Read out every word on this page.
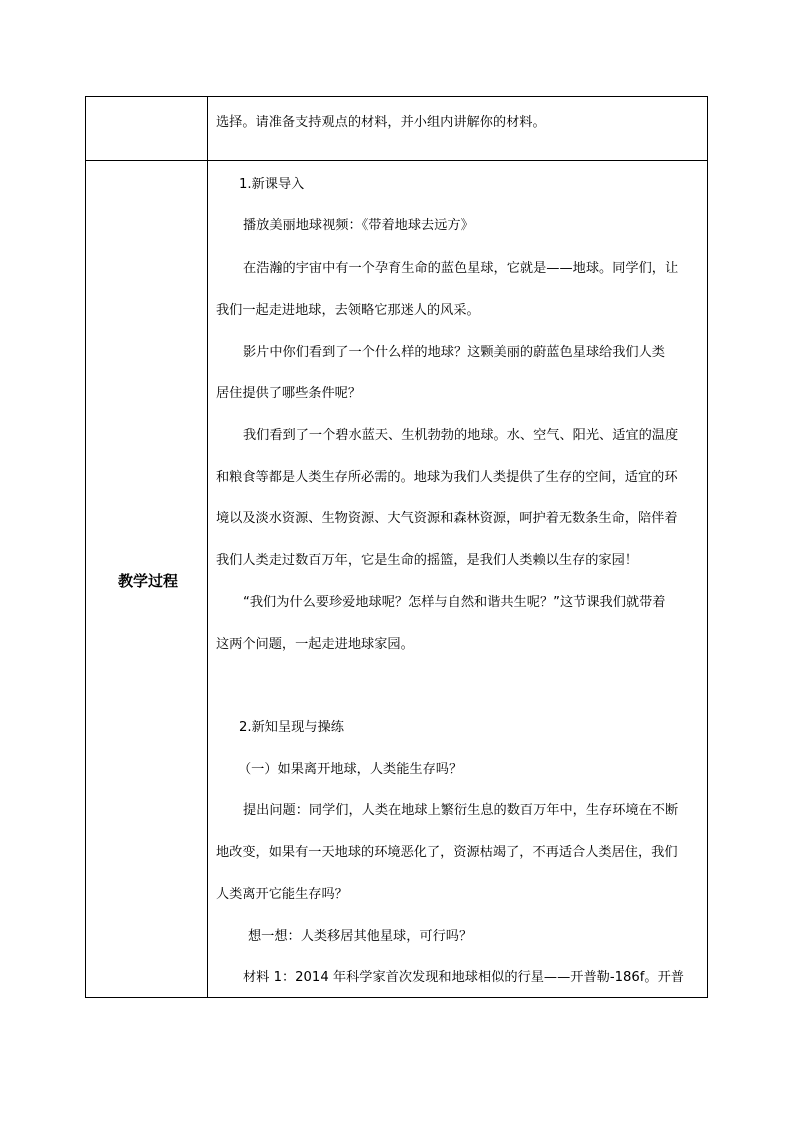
选择。请准备支持观点的材料，并小组内讲解你的材料。
教学过程
1.新课导入
播放美丽地球视频：《带着地球去远方》
在浩瀚的宇宙中有一个孕育生命的蓝色星球，它就是——地球。同学们，让
我们一起走进地球，去领略它那迷人的风采。
影片中你们看到了一个什么样的地球？这颗美丽的蔚蓝色星球给我们人类
居住提供了哪些条件呢？
我们看到了一个碧水蓝天、生机勃勃的地球。水、空气、阳光、适宜的温度
和粮食等都是人类生存所必需的。地球为我们人类提供了生存的空间，适宜的环
境以及淡水资源、生物资源、大气资源和森林资源，呵护着无数条生命，陪伴着
我们人类走过数百万年，它是生命的摇篮，是我们人类赖以生存的家园！
“我们为什么要珍爱地球呢？怎样与自然和谐共生呢？”这节课我们就带着
这两个问题，一起走进地球家园。
2.新知呈现与操练
（一）如果离开地球，人类能生存吗？
提出问题：同学们，人类在地球上繁衍生息的数百万年中，生存环境在不断
地改变，如果有一天地球的环境恶化了，资源枯竭了，不再适合人类居住，我们
人类离开它能生存吗？
想一想：人类移居其他星球，可行吗？
材料 1：2014 年科学家首次发现和地球相似的行星——开普勒-186f。开普
